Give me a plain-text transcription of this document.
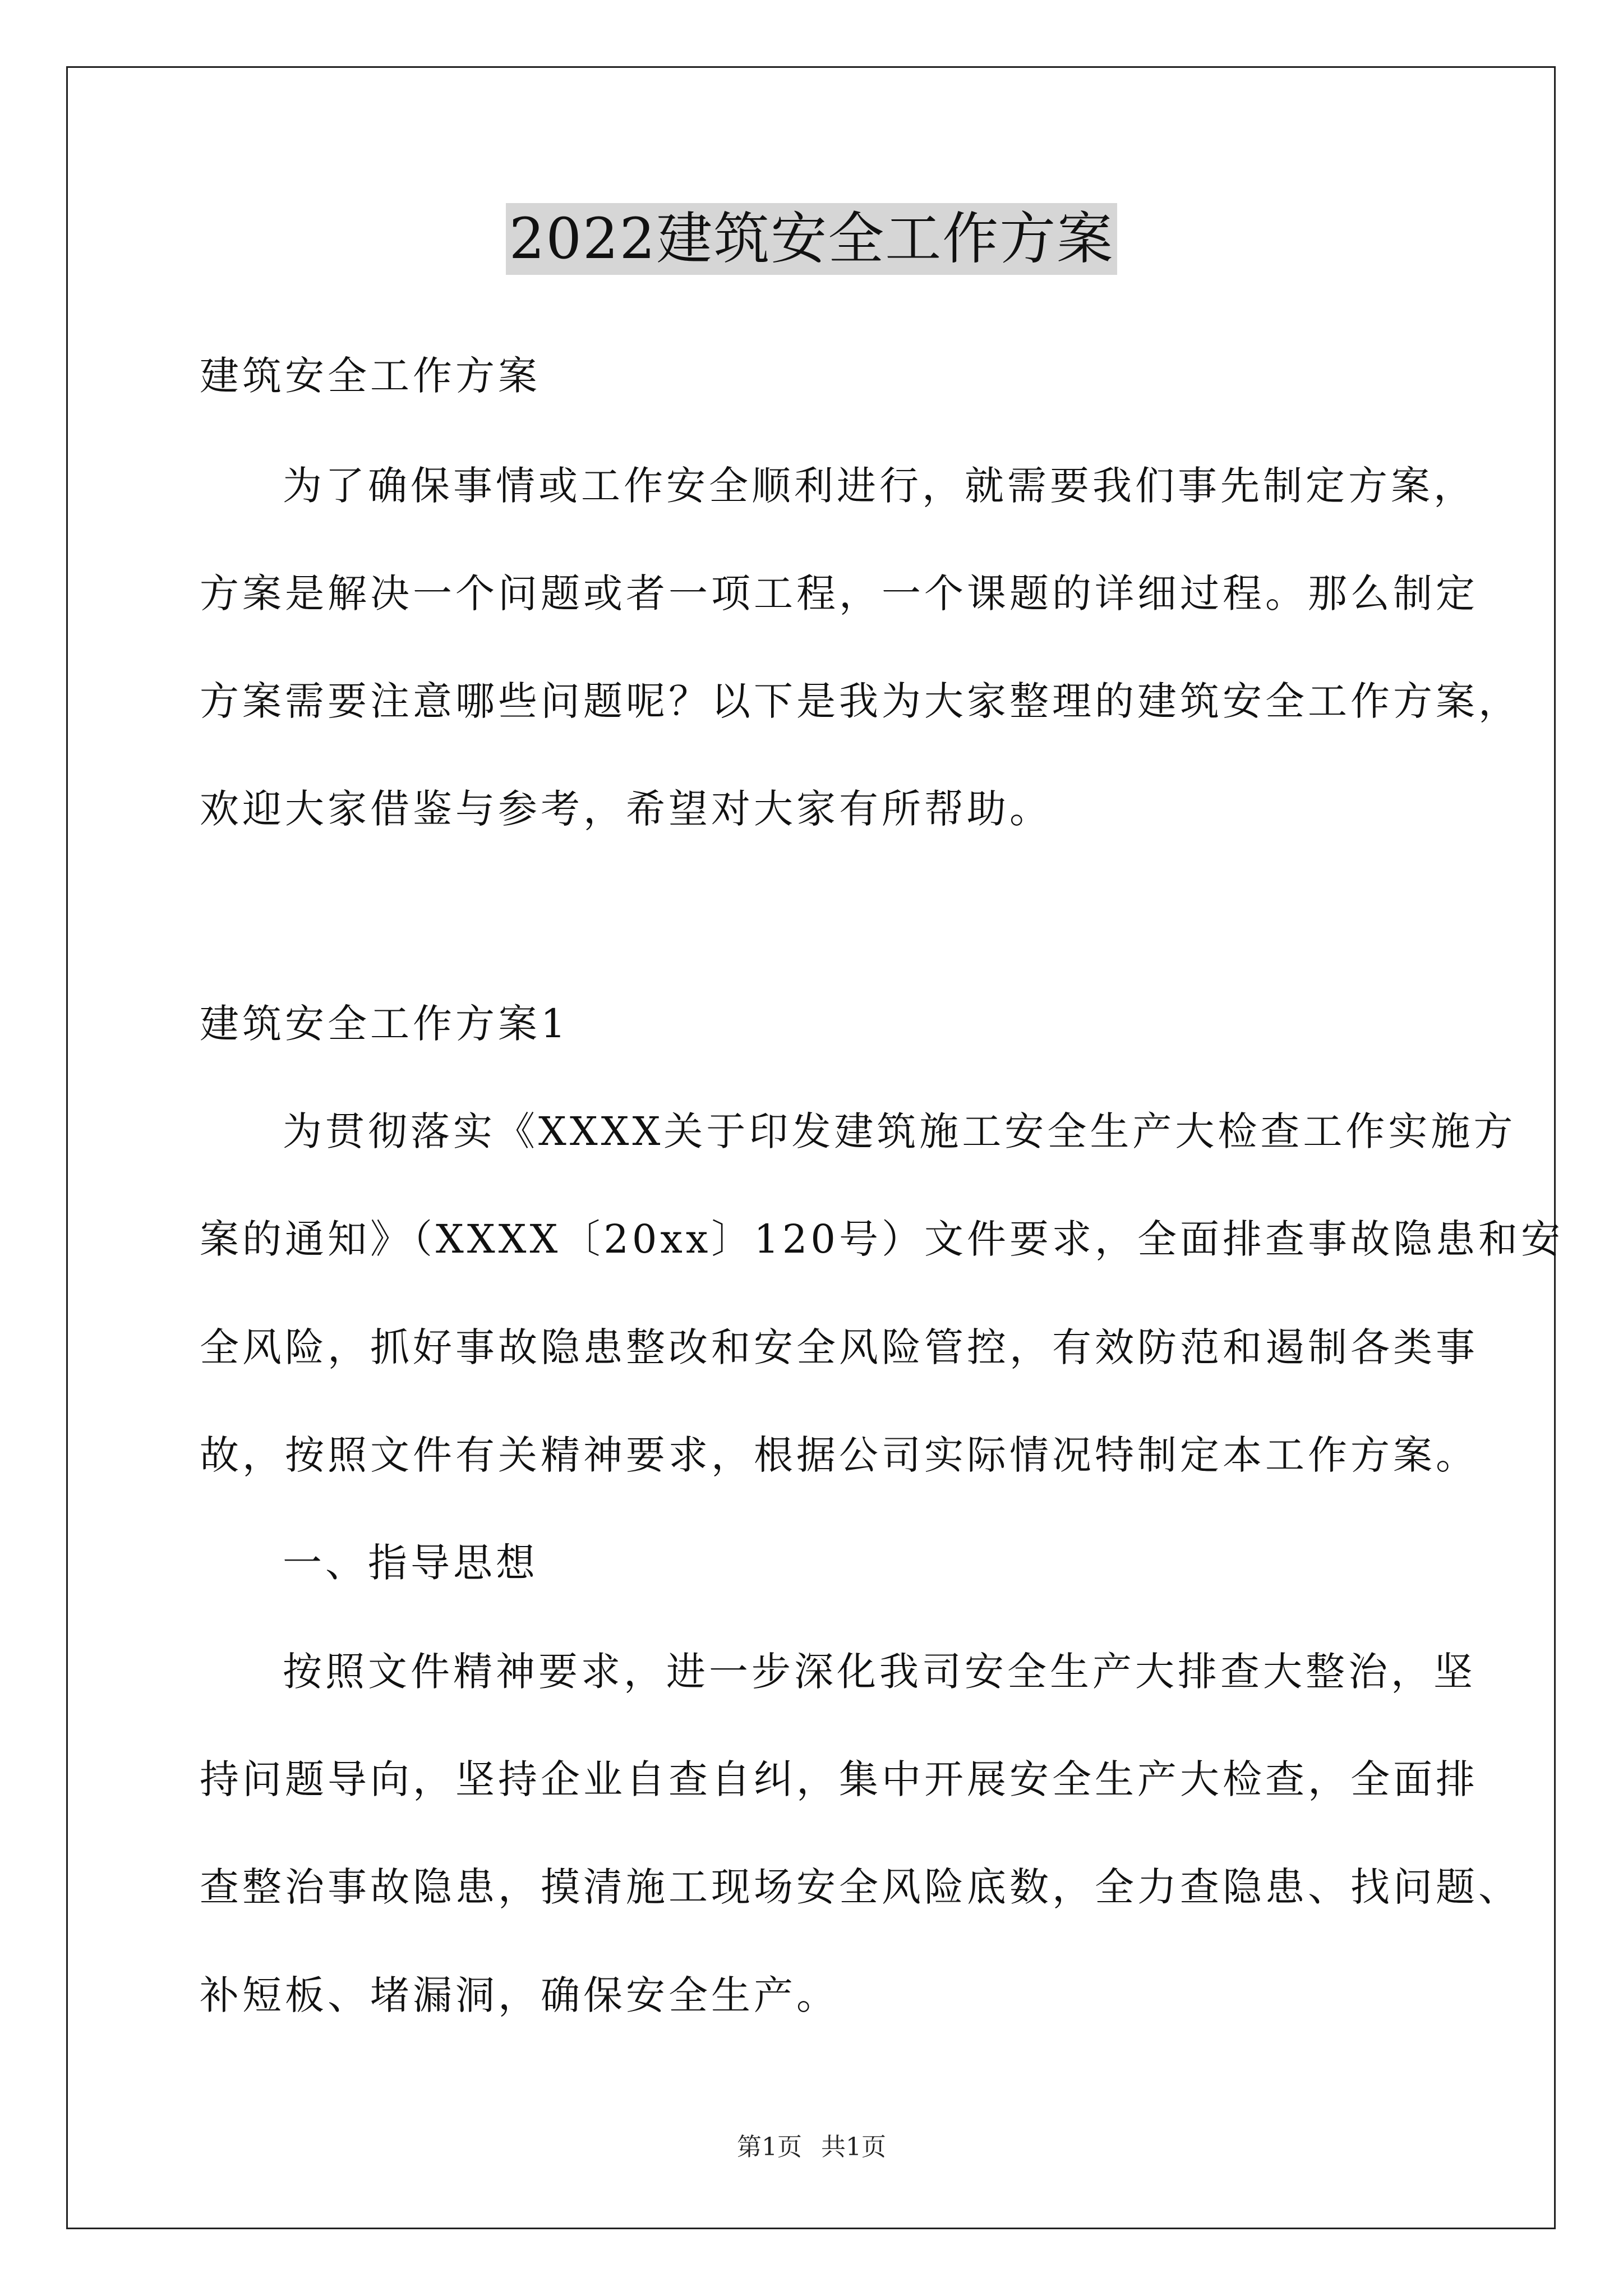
2022建筑安全工作方案
建筑安全工作方案
为了确保事情或工作安全顺利进行，就需要我们事先制定方案，
方案是解决一个问题或者一项工程，一个课题的详细过程。那么制定
方案需要注意哪些问题呢？以下是我为大家整理的建筑安全工作方案，
欢迎大家借鉴与参考，希望对大家有所帮助。
建筑安全工作方案1
为贯彻落实《XXXX关于印发建筑施工安全生产大检查工作实施方
案的通知》（XXXX〔20xx〕120号）文件要求，全面排查事故隐患和安
全风险，抓好事故隐患整改和安全风险管控，有效防范和遏制各类事
故，按照文件有关精神要求，根据公司实际情况特制定本工作方案。
一、指导思想
按照文件精神要求，进一步深化我司安全生产大排查大整治，坚
持问题导向，坚持企业自查自纠，集中开展安全生产大检查，全面排
查整治事故隐患，摸清施工现场安全风险底数，全力查隐患、找问题、
补短板、堵漏洞，确保安全生产。
第1页 共1页
